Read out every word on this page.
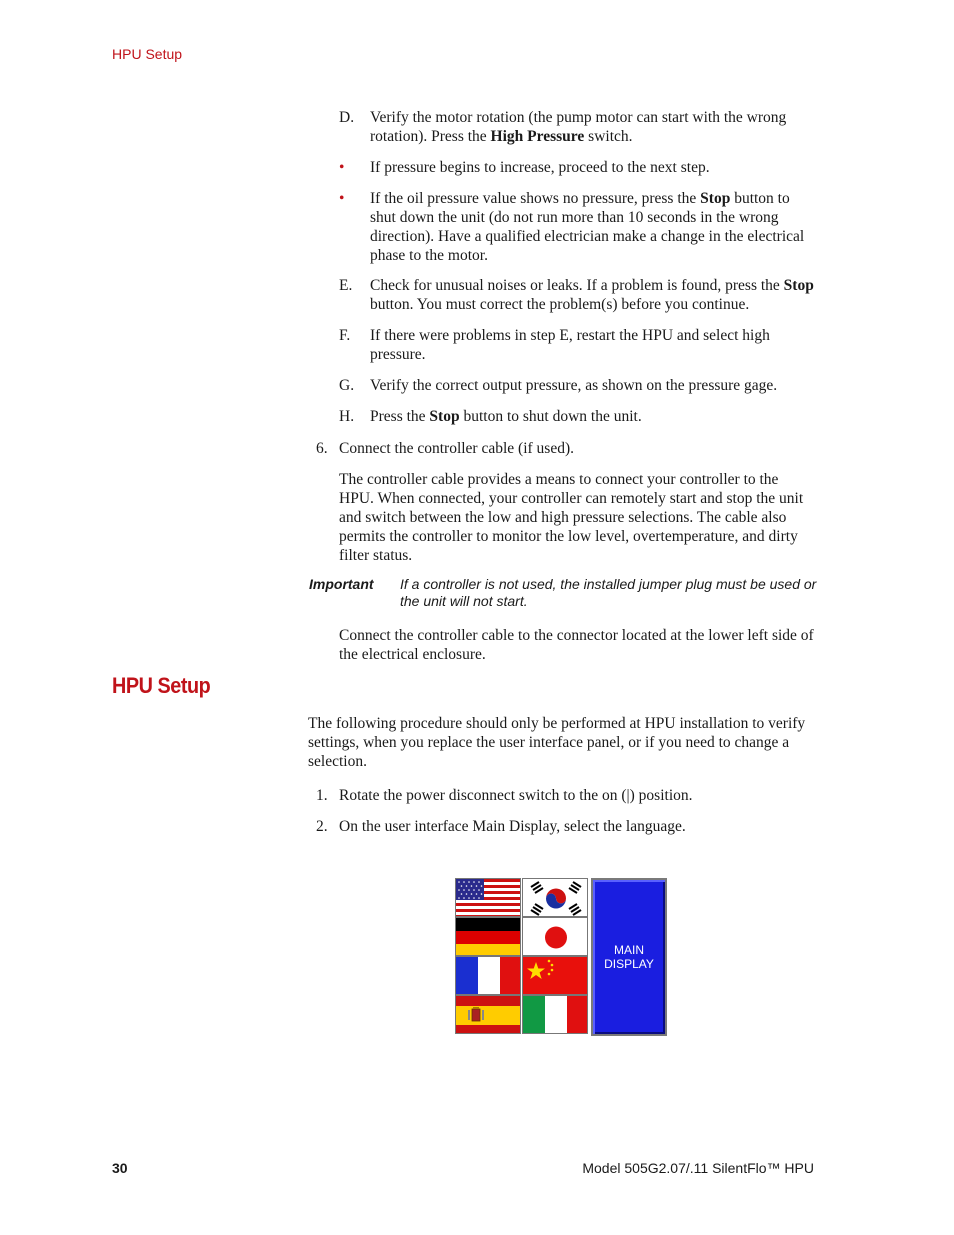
HPU Setup
D. Verify the motor rotation (the pump motor can start with the wrong rotation). Press the High Pressure switch.
• If pressure begins to increase, proceed to the next step.
• If the oil pressure value shows no pressure, press the Stop button to shut down the unit (do not run more than 10 seconds in the wrong direction). Have a qualified electrician make a change in the electrical phase to the motor.
E. Check for unusual noises or leaks. If a problem is found, press the Stop button. You must correct the problem(s) before you continue.
F. If there were problems in step E, restart the HPU and select high pressure.
G. Verify the correct output pressure, as shown on the pressure gage.
H. Press the Stop button to shut down the unit.
6. Connect the controller cable (if used).
The controller cable provides a means to connect your controller to the HPU. When connected, your controller can remotely start and stop the unit and switch between the low and high pressure selections. The cable also permits the controller to monitor the low level, overtemperature, and dirty filter status.
Important If a controller is not used, the installed jumper plug must be used or the unit will not start.
Connect the controller cable to the connector located at the lower left side of the electrical enclosure.
HPU Setup
The following procedure should only be performed at HPU installation to verify settings, when you replace the user interface panel, or if you need to change a selection.
1. Rotate the power disconnect switch to the on (|) position.
2. On the user interface Main Display, select the language.
MAIN
DISPLAY
30	Model 505G2.07/.11 SilentFlo™ HPU
